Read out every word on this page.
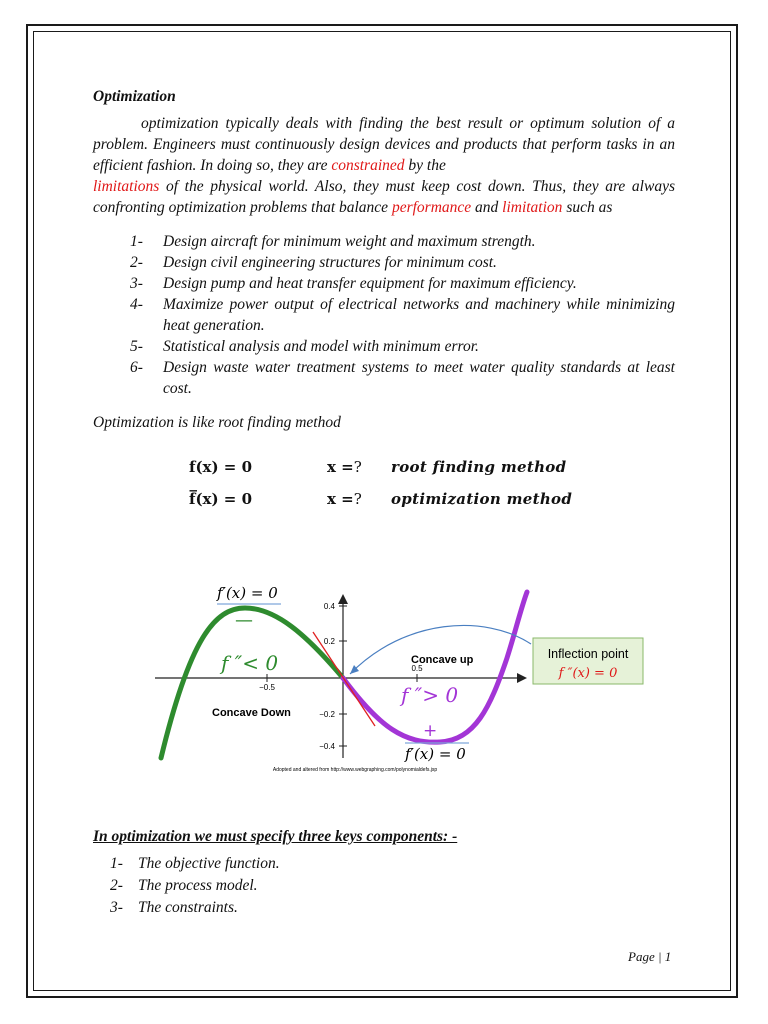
Optimization

optimization typically deals with finding the best result or optimum solution of a problem. Engineers must continuously design devices and products that perform tasks in an efficient fashion. In doing so, they are constrained by the
limitations of the physical world. Also, they must keep cost down. Thus, they are always confronting optimization problems that balance performance and limitation such as

1- Design aircraft for minimum weight and maximum strength.
2- Design civil engineering structures for minimum cost.
3- Design pump and heat transfer equipment for maximum efficiency.
4- Maximize power output of electrical networks and machinery while minimizing heat generation.
5- Statistical analysis and model with minimum error.
6- Design waste water treatment systems to meet water quality standards at least cost.

Optimization is like root finding method

f(x) = 0	x =? root finding method
f̅(x) = 0	x =? optimization method
0.4
0.2
−0.2
−0.4
−0.5
0.5
f′(x) = 0
—
f ″< 0	Concave up
Concave Down
f ″> 0
+
f′(x) = 0
Inflection point
f ″(x) = 0
Adopted and altered from http://www.webgraphing.com/polynomialdefs.jsp
In optimization we must specify three keys components: -
1- The objective function.
2- The process model.
3- The constraints.
Page | 1
